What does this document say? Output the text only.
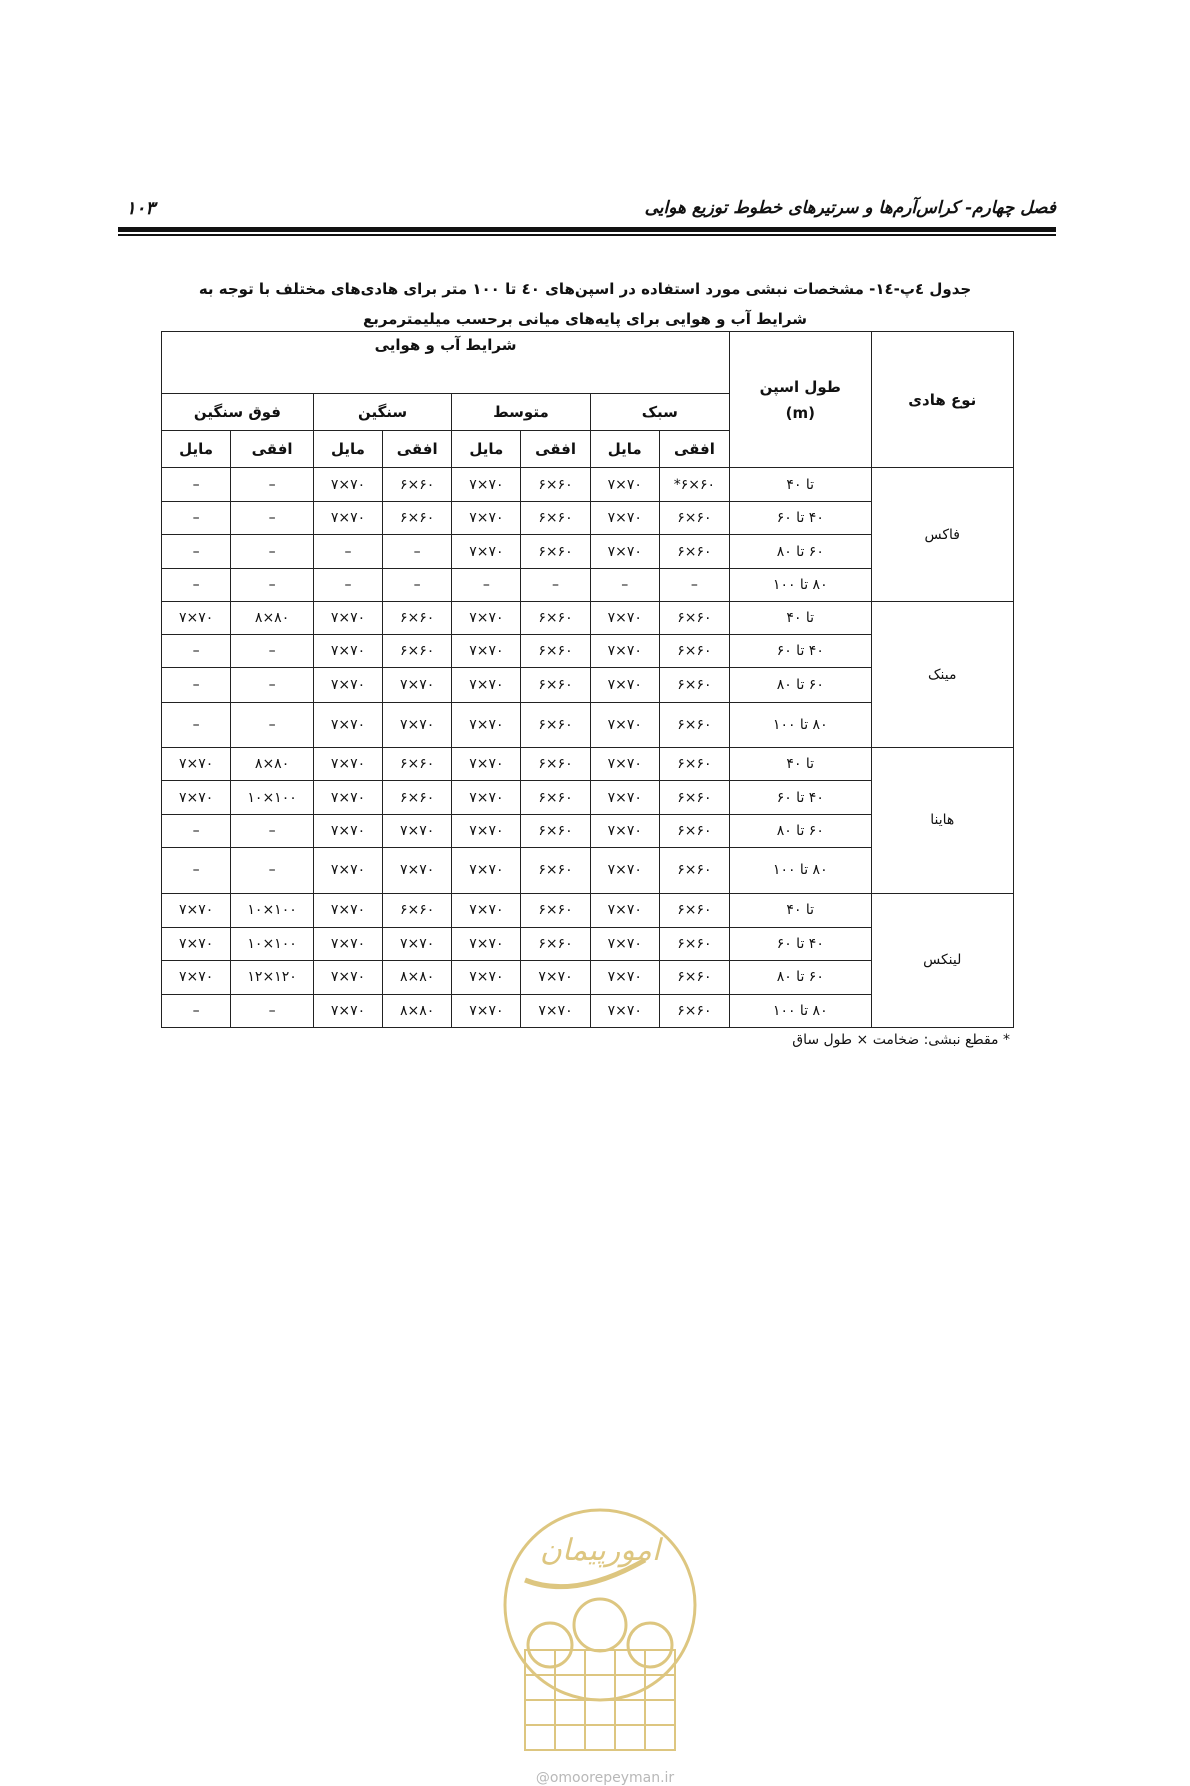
فصل چهارم- کراس‌آرم‌ها و سرتیرهای خطوط توزیع هوایی
۱۰۳
جدول ٤پ-١٤- مشخصات نبشی مورد استفاده در اسپن‌های ٤٠ تا ١٠٠ متر برای هادی‌های مختلف با توجه به
شرایط آب و هوایی برای پایه‌های میانی برحسب میلیمترمربع
نوع هادی	طول اسپن
(m)	شرایط آب و هوایی							
		سبک		متوسط		سنگین		فوق سنگین	
		افقی	مایل	افقی	مایل	افقی	مایل	افقی	مایل
فاکس	تا ۴۰	۶۰×۶*	۷۰×۷	۶۰×۶	۷۰×۷	۶۰×۶	۷۰×۷	–	–
	۴۰ تا ۶۰	۶۰×۶	۷۰×۷	۶۰×۶	۷۰×۷	۶۰×۶	۷۰×۷	–	–
	۶۰ تا ۸۰	۶۰×۶	۷۰×۷	۶۰×۶	۷۰×۷	–	–	–	–
	۸۰ تا ۱۰۰	–	–	–	–	–	–	–	–
مینک	تا ۴۰	۶۰×۶	۷۰×۷	۶۰×۶	۷۰×۷	۶۰×۶	۷۰×۷	۸۰×۸	۷۰×۷
	۴۰ تا ۶۰	۶۰×۶	۷۰×۷	۶۰×۶	۷۰×۷	۶۰×۶	۷۰×۷	–	–
	۶۰ تا ۸۰	۶۰×۶	۷۰×۷	۶۰×۶	۷۰×۷	۷۰×۷	۷۰×۷	–	–
	۸۰ تا ۱۰۰	۶۰×۶	۷۰×۷	۶۰×۶	۷۰×۷	۷۰×۷	۷۰×۷	–	–
هاینا	تا ۴۰	۶۰×۶	۷۰×۷	۶۰×۶	۷۰×۷	۶۰×۶	۷۰×۷	۸۰×۸	۷۰×۷
	۴۰ تا ۶۰	۶۰×۶	۷۰×۷	۶۰×۶	۷۰×۷	۶۰×۶	۷۰×۷	۱۰۰×۱۰	۷۰×۷
	۶۰ تا ۸۰	۶۰×۶	۷۰×۷	۶۰×۶	۷۰×۷	۷۰×۷	۷۰×۷	–	–
	۸۰ تا ۱۰۰	۶۰×۶	۷۰×۷	۶۰×۶	۷۰×۷	۷۰×۷	۷۰×۷	–	–
لینکس	تا ۴۰	۶۰×۶	۷۰×۷	۶۰×۶	۷۰×۷	۶۰×۶	۷۰×۷	۱۰۰×۱۰	۷۰×۷
	۴۰ تا ۶۰	۶۰×۶	۷۰×۷	۶۰×۶	۷۰×۷	۷۰×۷	۷۰×۷	۱۰۰×۱۰	۷۰×۷
	۶۰ تا ۸۰	۶۰×۶	۷۰×۷	۷۰×۷	۷۰×۷	۸۰×۸	۷۰×۷	۱۲۰×۱۲	۷۰×۷
	۸۰ تا ۱۰۰	۶۰×۶	۷۰×۷	۷۰×۷	۷۰×۷	۸۰×۸	۷۰×۷	–	–
* مقطع نبشی: ضخامت × طول ساق
امورپیمان
@omoorepeyman.ir
